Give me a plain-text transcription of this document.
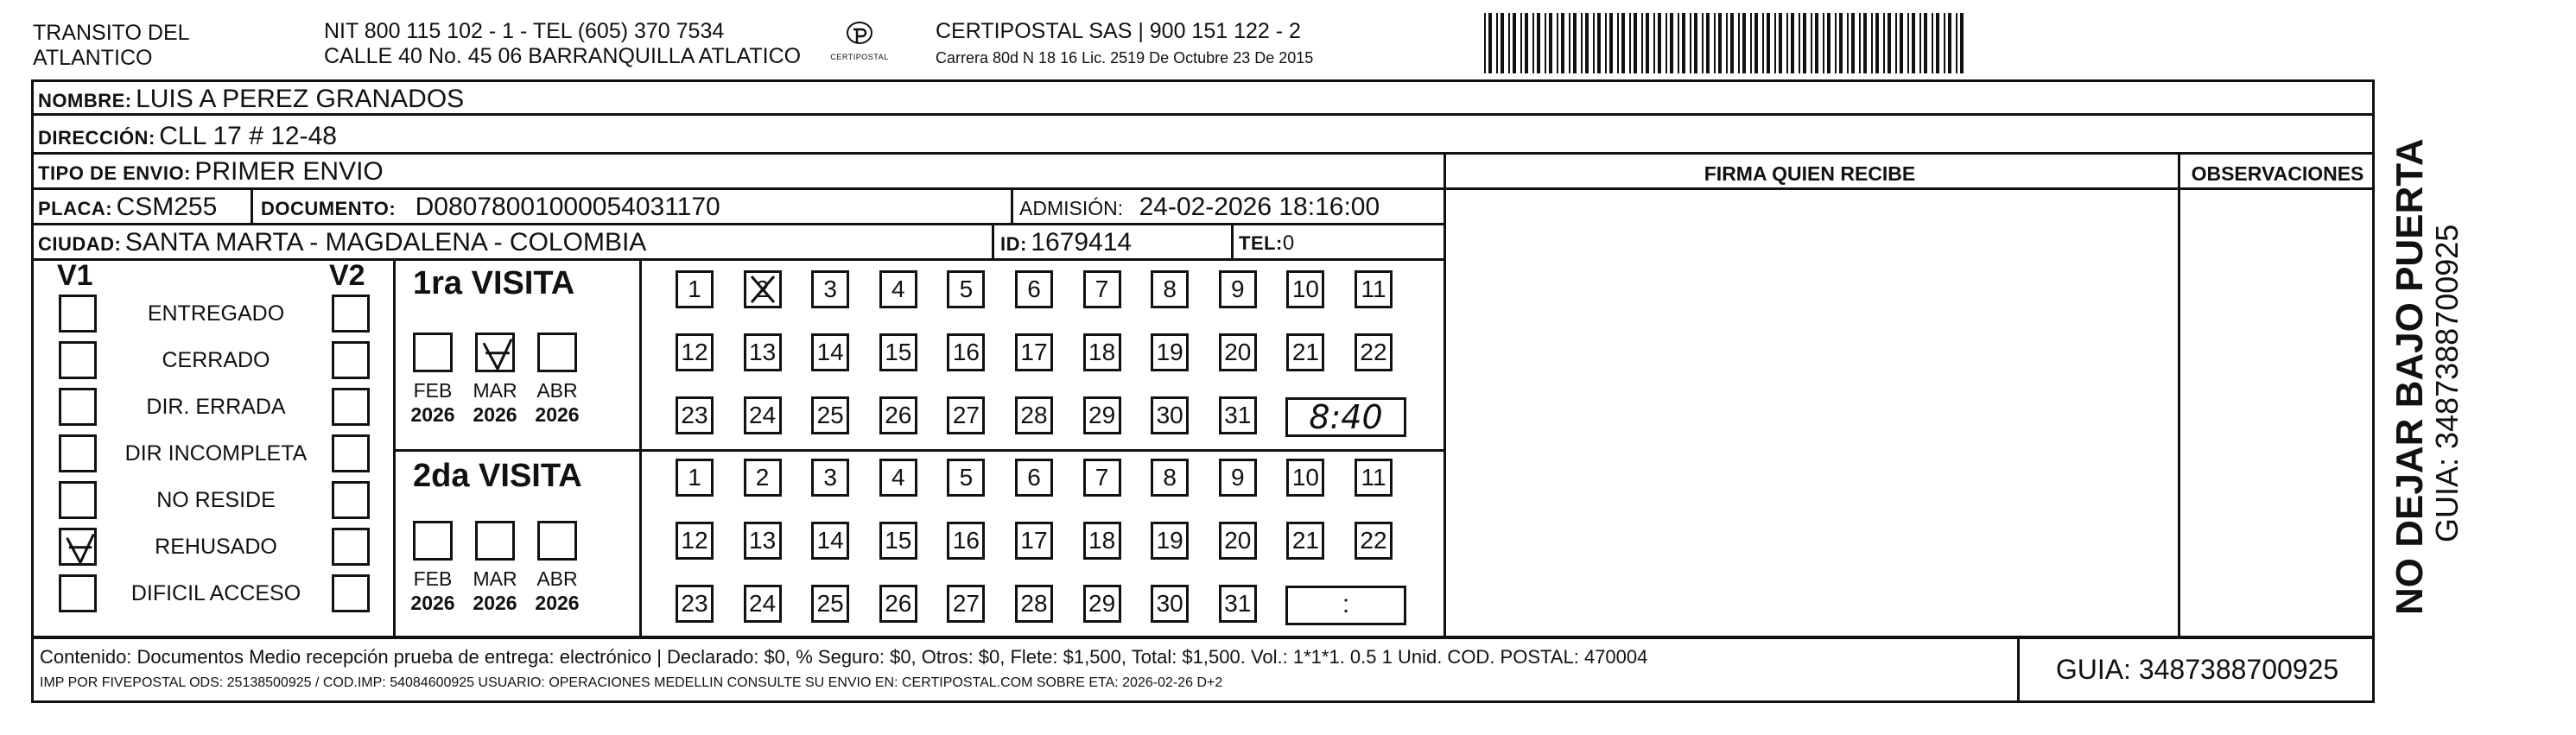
TRANSITO DEL
ATLANTICO
NIT 800 115 102 - 1 - TEL (605) 370 7534
CALLE 40 No. 45 06 BARRANQUILLA ATLATICO	CERTIPOSTAL
CERTIPOSTAL SAS | 900 151 122 - 2
Carrera 80d N 18 16 Lic. 2519 De Octubre 23 De 2015
NOMBRE: LUIS A PEREZ GRANADOS
DIRECCIÓN: CLL 17 # 12-48
TIPO DE ENVIO: PRIMER ENVIO	FIRMA QUIEN RECIBE	OBSERVACIONES
PLACA: CSM255 DOCUMENTO: D08078001000054031170	ADMISIÓN: 24-02-2026 18:16:00
CIUDAD: SANTA MARTA - MAGDALENA - COLOMBIA	ID: 1679414	TEL:0
V1	V2
ENTREGADO
CERRADO
DIR. ERRADA
DIR INCOMPLETA
NO RESIDE
REHUSADO
DIFICIL ACCESO
1ra VISITA
FEB
2026
MAR
2026
ABR
2026
1	2	3	4	5	6	7	8	9	10 11
12 13 14 15 16 17 18 19 20 21 22
23 24 25 26 27 28 29 30 31	8:40
2da VISITA
FEB
2026
MAR
2026
ABR
2026
1	2	3	4	5	6	7	8	9	10 11
12 13 14 15 16 17 18 19 20 21 22
23 24 25 26 27 28 29 30 31	:
Contenido: Documentos Medio recepción prueba de entrega: electrónico | Declarado: $0, % Seguro: $0, Otros: $0, Flete: $1,500, Total: $1,500. Vol.: 1*1*1. 0.5 1 Unid. COD. POSTAL: 470004
IMP POR FIVEPOSTAL ODS: 25138500925 / COD.IMP: 54084600925 USUARIO: OPERACIONES MEDELLIN CONSULTE SU ENVIO EN: CERTIPOSTAL.COM SOBRE ETA: 2026-02-26 D+2	GUIA: 3487388700925
NO DEJAR BAJO PUERTA
GUIA: 3487388700925
